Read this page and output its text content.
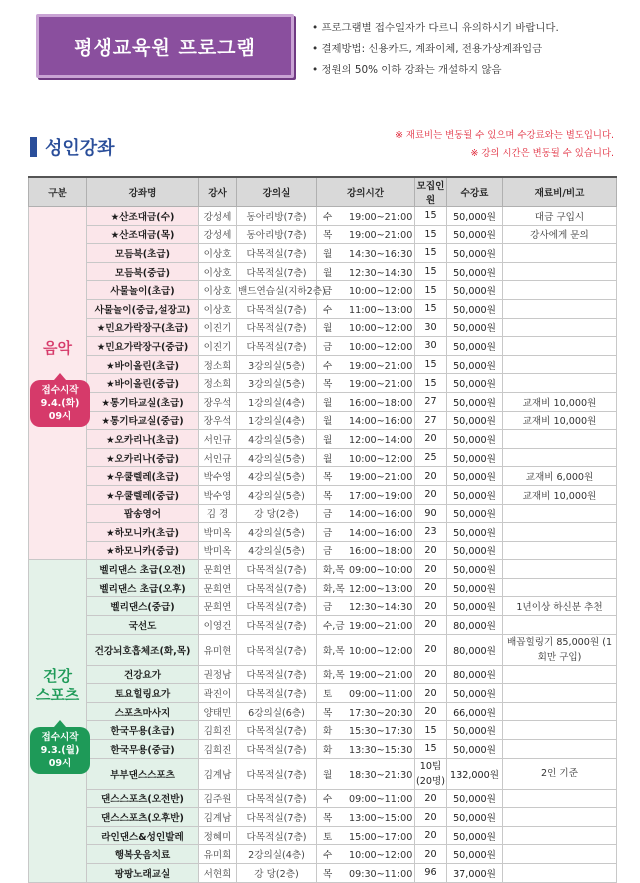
평생교육원 프로그램
• 프로그램별 접수일자가 다르니 유의하시기 바랍니다.
• 결제방법: 신용카드, 계좌이체, 전용가상계좌입금
• 정원의 50% 이하 강좌는 개설하지 않음
성인강좌
※ 재료비는 변동될 수 있으며 수강료와는 별도입니다.
※ 강의 시간은 변동될 수 있습니다.
구분	강좌명	강사	강의실	강의시간	모집인원	수강료	재료비/비고

음악
접수시작
9.4.(화)
09시	★산조대금(수)	강성세	동아리방(7층)	수 19:00~21:00	15	50,000원	대금 구입시
	★산조대금(목)	강성세	동아리방(7층)	목 19:00~21:00	15	50,000원	강사에게 문의
	모듬북(초급)	이상호	다목적실(7층)	월 14:30~16:30	15	50,000원	
	모듬북(중급)	이상호	다목적실(7층)	월 12:30~14:30	15	50,000원	
	사물놀이(초급)	이상호	밴드연습실(지하2층)	금 10:00~12:00	15	50,000원	
	사물놀이(중급,설장고)	이상호	다목적실(7층)	수 11:00~13:00	15	50,000원	
	★민요가락장구(초급)	이진기	다목적실(7층)	월 10:00~12:00	30	50,000원	
	★민요가락장구(중급)	이진기	다목적실(7층)	금 10:00~12:00	30	50,000원	
	★바이올린(초급)	정소희	3강의실(5층)	수 19:00~21:00	15	50,000원	
	★바이올린(중급)	정소희	3강의실(5층)	목 19:00~21:00	15	50,000원	
	★통기타교실(초급)	장우석	1강의실(4층)	월 16:00~18:00	27	50,000원	교재비 10,000원
	★통기타교실(중급)	장우석	1강의실(4층)	월 14:00~16:00	27	50,000원	교재비 10,000원
	★오카리나(초급)	서인규	4강의실(5층)	월 12:00~14:00	20	50,000원	
	★오카리나(중급)	서인규	4강의실(5층)	월 10:00~12:00	25	50,000원	
	★우쿨렐레(초급)	박수영	4강의실(5층)	목 19:00~21:00	20	50,000원	교재비 6,000원
	★우쿨렐레(중급)	박수영	4강의실(5층)	목 17:00~19:00	20	50,000원	교재비 10,000원
	팝송영어	김 경	강 당(2층)	금 14:00~16:00	90	50,000원	
	★하모니카(초급)	박미옥	4강의실(5층)	금 14:00~16:00	23	50,000원	
	★하모니카(중급)	박미옥	4강의실(5층)	금 16:00~18:00	20	50,000원	

건강
스포츠
접수시작
9.3.(월)
09시	벨리댄스 초급(오전)	문희연	다목적실(7층)	화,목 09:00~10:00	20	50,000원	
	벨리댄스 초급(오후)	문희연	다목적실(7층)	화,목 12:00~13:00	20	50,000원	
	벨리댄스(중급)	문희연	다목적실(7층)	금 12:30~14:30	20	50,000원	1년이상 하신분 추천
	국선도	이영건	다목적실(7층)	수,금 19:00~21:00	20	80,000원	
	건강뇌호흡체조(화,목)	유미현	다목적실(7층)	화,목 10:00~12:00	20	80,000원	배꼽힐링기 85,000원 (1회만 구입)
	건강요가	권정남	다목적실(7층)	화,목 19:00~21:00	20	80,000원	
	토요힐링요가	곽진이	다목적실(7층)	토 09:00~11:00	20	50,000원	
	스포츠마사지	양태민	6강의실(6층)	목 17:30~20:30	20	66,000원	
	한국무용(초급)	김희진	다목적실(7층)	화 15:30~17:30	15	50,000원	
	한국무용(중급)	김희진	다목적실(7층)	화 13:30~15:30	15	50,000원	
	부부댄스스포츠	김계남	다목적실(7층)	월 18:30~21:30	10팀 (20명)	132,000원	2인 기준
	댄스스포츠(오전반)	김주원	다목적실(7층)	수 09:00~11:00	20	50,000원	
	댄스스포츠(오후반)	김계남	다목적실(7층)	목 13:00~15:00	20	50,000원	
	라인댄스&성인발레	정혜미	다목적실(7층)	토 15:00~17:00	20	50,000원	
	행복웃음치료	유미희	2강의실(4층)	수 10:00~12:00	20	50,000원	
	팡팡노래교실	서현희	강 당(2층)	목 09:30~11:00	96	37,000원	
